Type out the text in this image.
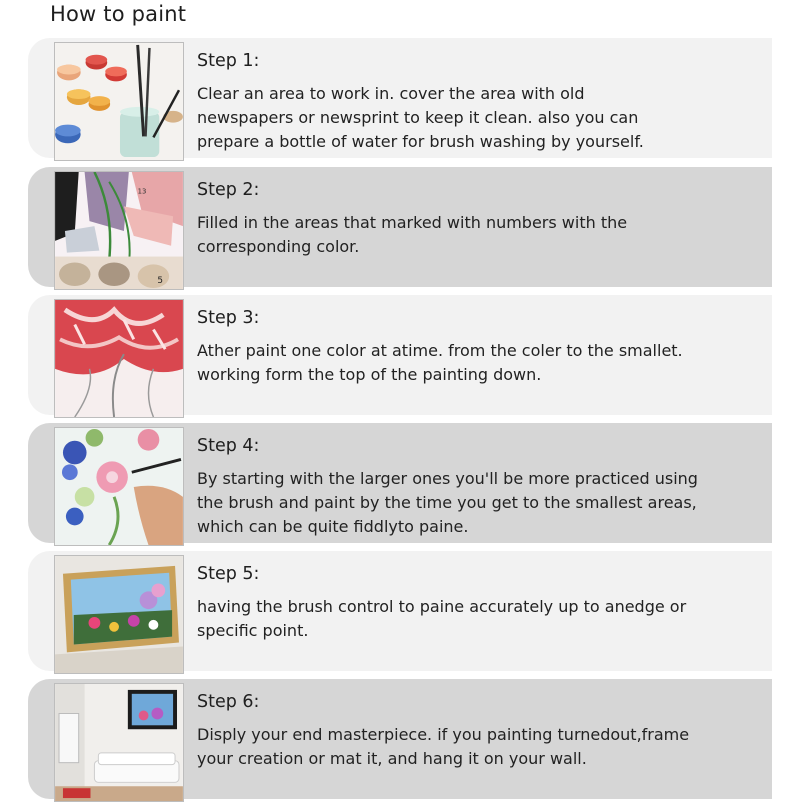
How to paint
Step 1:
Clear an area to work in. cover the area with old
newspapers or newsprint to keep it clean. also you can
prepare a bottle of water for brush washing by yourself.
13
5
Step 2:
Filled in the areas that marked with numbers with the
corresponding color.
Step 3:
Ather paint one color at atime. from the coler to the smallet.
working form the top of the painting down.
Step 4:
By starting with the larger ones you'll be more practiced using
the brush and paint by the time you get to the smallest areas,
which can be quite fiddlyto paine.
Step 5:
having the brush control to paine accurately up to anedge or
specific point.
Step 6:
Disply your end masterpiece. if you painting turnedout,frame
your creation or mat it, and hang it on your wall.
